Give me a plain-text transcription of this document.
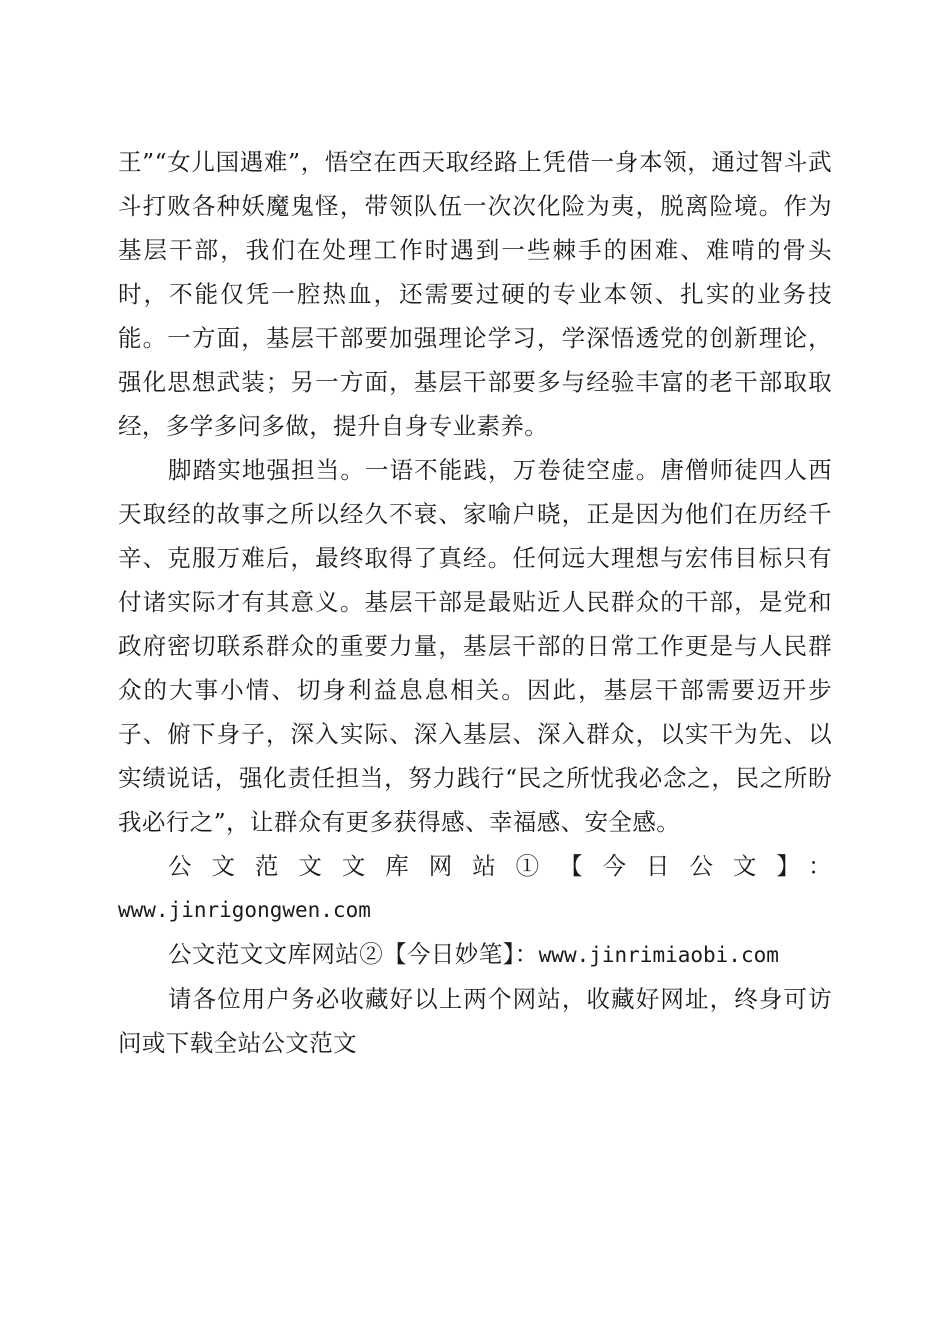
王”“女儿国遇难”，悟空在西天取经路上凭借一身本领，通过智斗武斗打败各种妖魔鬼怪，带领队伍一次次化险为夷，脱离险境。作为基层干部，我们在处理工作时遇到一些棘手的困难、难啃的骨头时，不能仅凭一腔热血，还需要过硬的专业本领、扎实的业务技能。一方面，基层干部要加强理论学习，学深悟透党的创新理论，强化思想武装；另一方面，基层干部要多与经验丰富的老干部取取经，多学多问多做，提升自身专业素养。

脚踏实地强担当。一语不能践，万卷徒空虚。唐僧师徒四人西天取经的故事之所以经久不衰、家喻户晓，正是因为他们在历经千辛、克服万难后，最终取得了真经。任何远大理想与宏伟目标只有付诸实际才有其意义。基层干部是最贴近人民群众的干部，是党和政府密切联系群众的重要力量，基层干部的日常工作更是与人民群众的大事小情、切身利益息息相关。因此，基层干部需要迈开步子、俯下身子，深入实际、深入基层、深入群众，以实干为先、以实绩说话，强化责任担当，努力践行“民之所忧我必念之，民之所盼我必行之”，让群众有更多获得感、幸福感、安全感。

公文范文文库网站①【今日公文】：

www.jinrigongwen.com

公文范文文库网站②【今日妙笔】：www.jinrimiaobi.com

请各位用户务必收藏好以上两个网站，收藏好网址，终身可访问或下载全站公文范文
